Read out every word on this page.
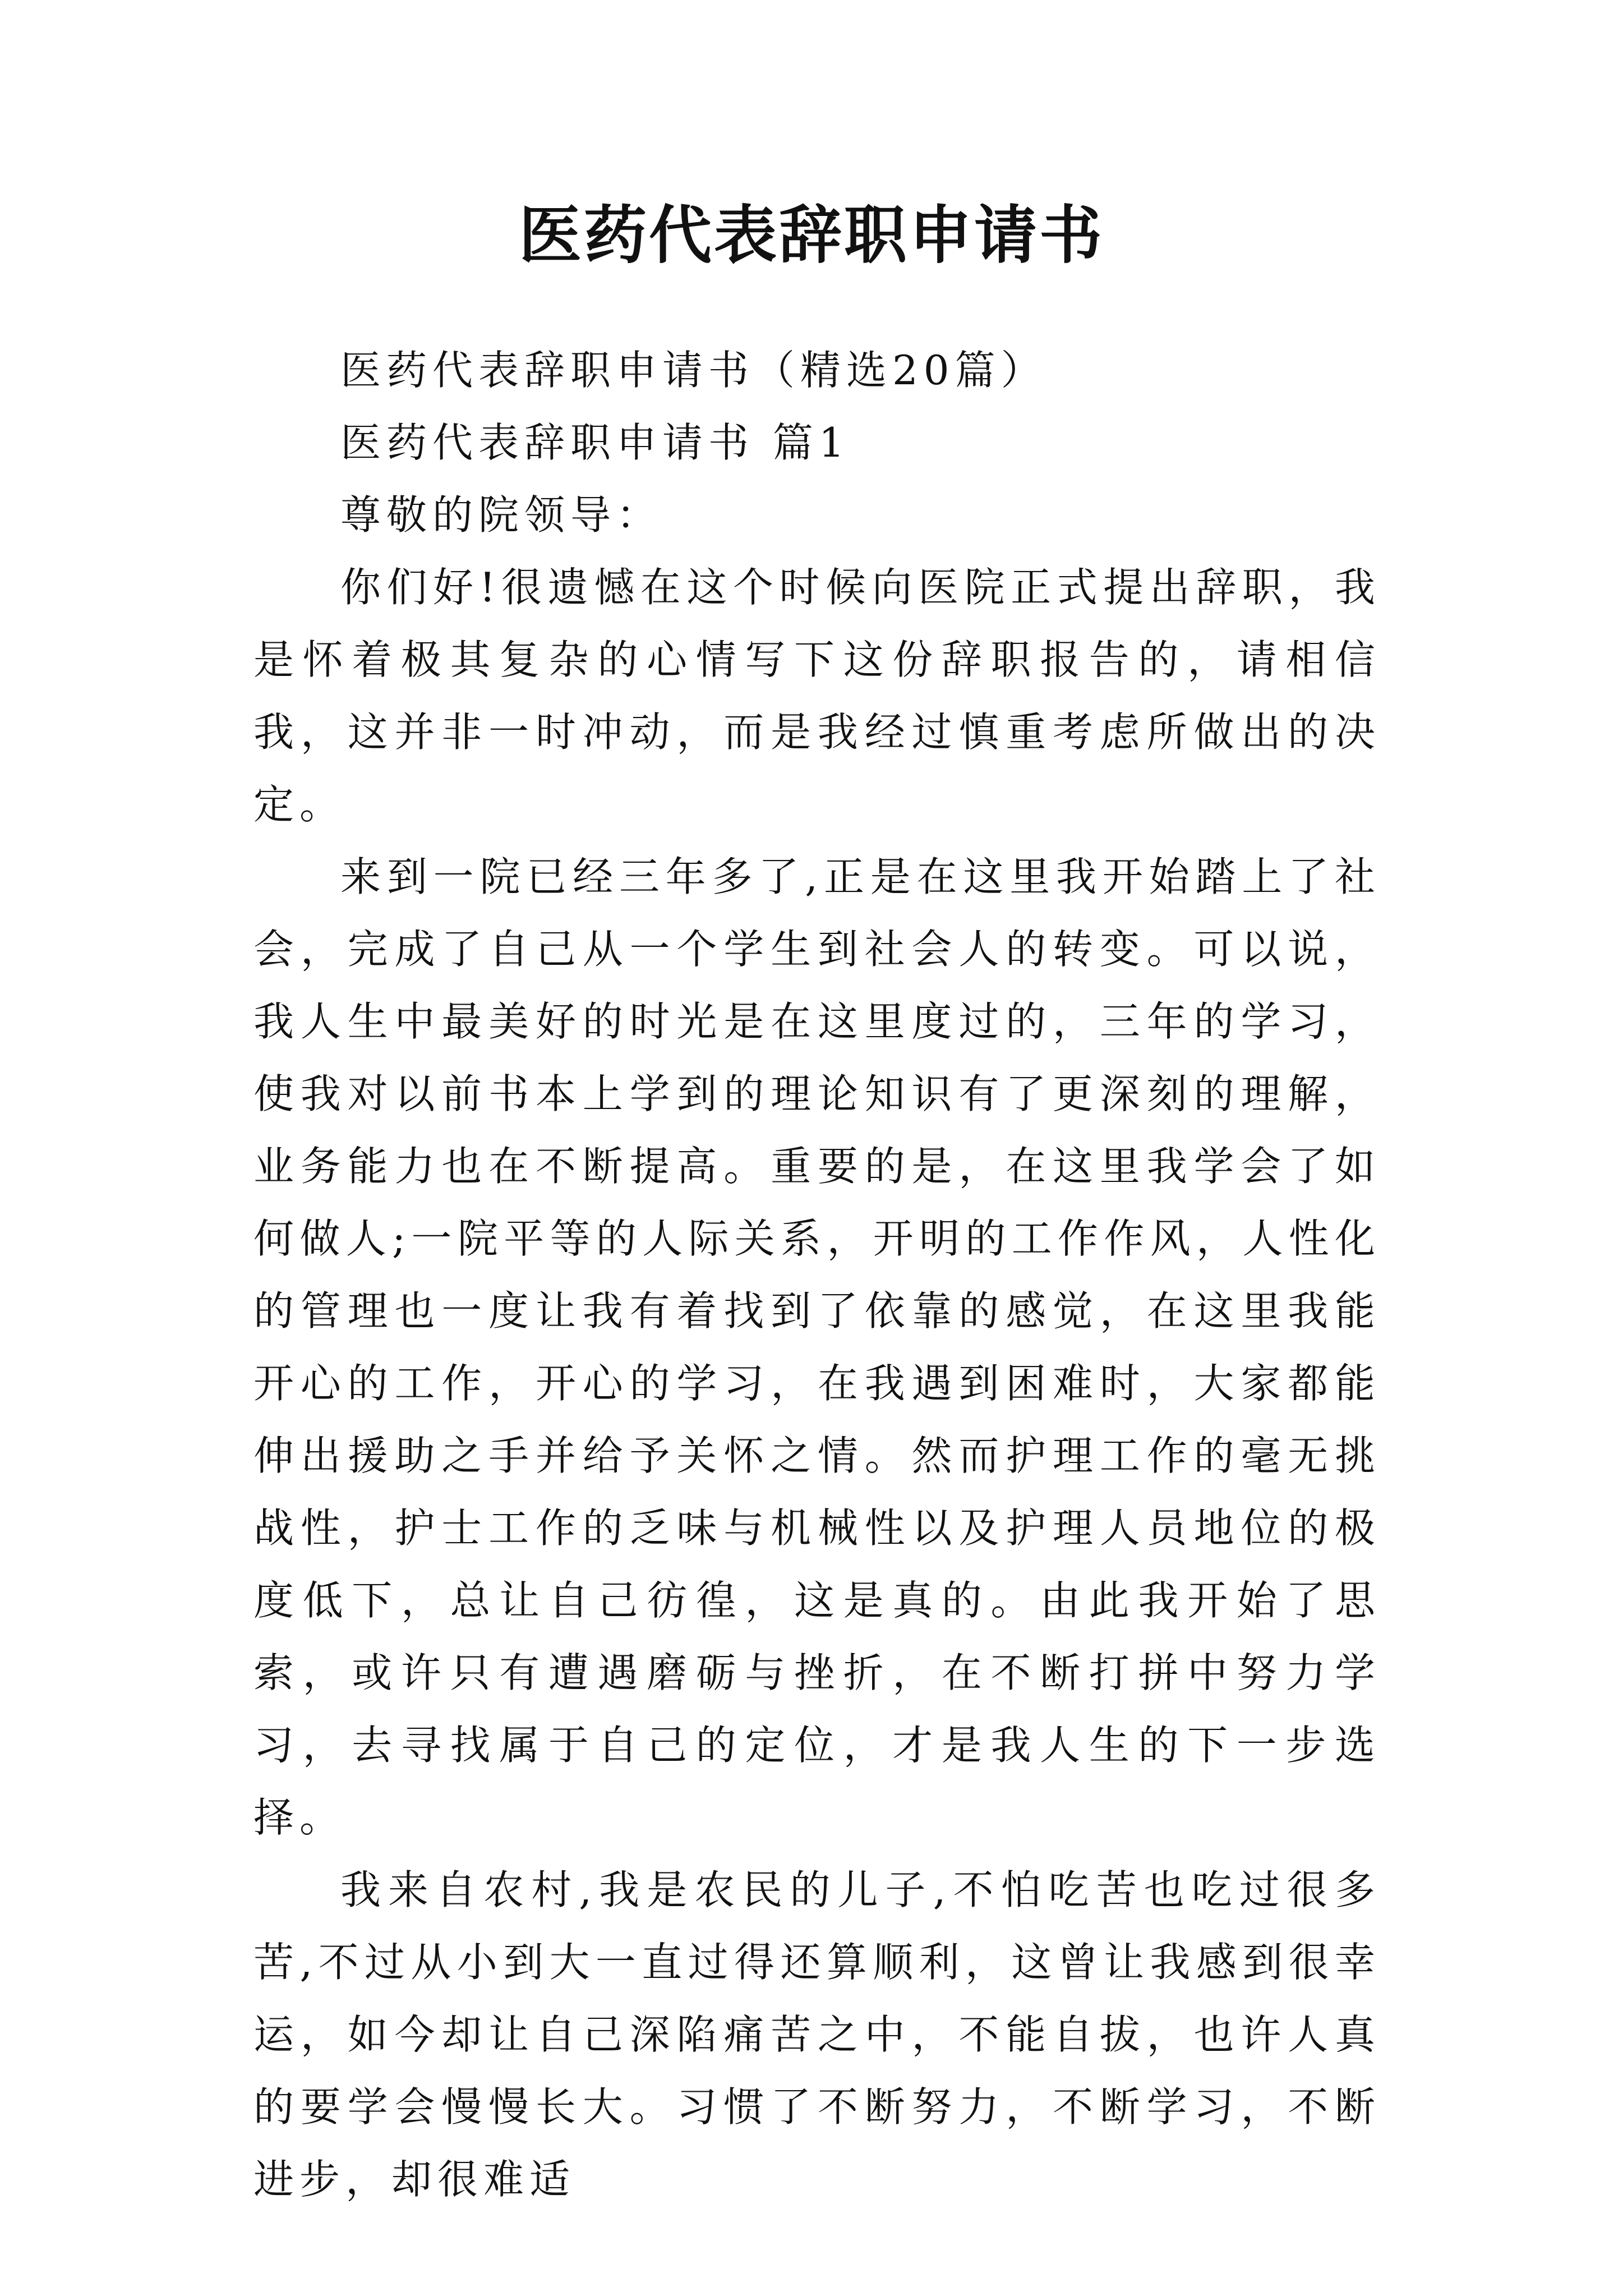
医药代表辞职申请书

医药代表辞职申请书（精选20篇）

医药代表辞职申请书 篇1

尊敬的院领导：

你们好!很遗憾在这个时候向医院正式提出辞职，我是怀着极其复杂的心情写下这份辞职报告的，请相信我，这并非一时冲动，而是我经过慎重考虑所做出的决定。

来到一院已经三年多了,正是在这里我开始踏上了社会，完成了自己从一个学生到社会人的转变。可以说，我人生中最美好的时光是在这里度过的，三年的学习，使我对以前书本上学到的理论知识有了更深刻的理解，业务能力也在不断提高。重要的是，在这里我学会了如何做人;一院平等的人际关系，开明的工作作风，人性化的管理也一度让我有着找到了依靠的感觉，在这里我能开心的工作，开心的学习，在我遇到困难时，大家都能伸出援助之手并给予关怀之情。然而护理工作的毫无挑战性，护士工作的乏味与机械性以及护理人员地位的极度低下，总让自己彷徨，这是真的。由此我开始了思索，或许只有遭遇磨砺与挫折，在不断打拼中努力学习，去寻找属于自己的定位，才是我人生的下一步选择。

我来自农村,我是农民的儿子,不怕吃苦也吃过很多苦,不过从小到大一直过得还算顺利，这曾让我感到很幸运，如今却让自己深陷痛苦之中，不能自拔，也许人真的要学会慢慢长大。习惯了不断努力，不断学习，不断进步，却很难适
